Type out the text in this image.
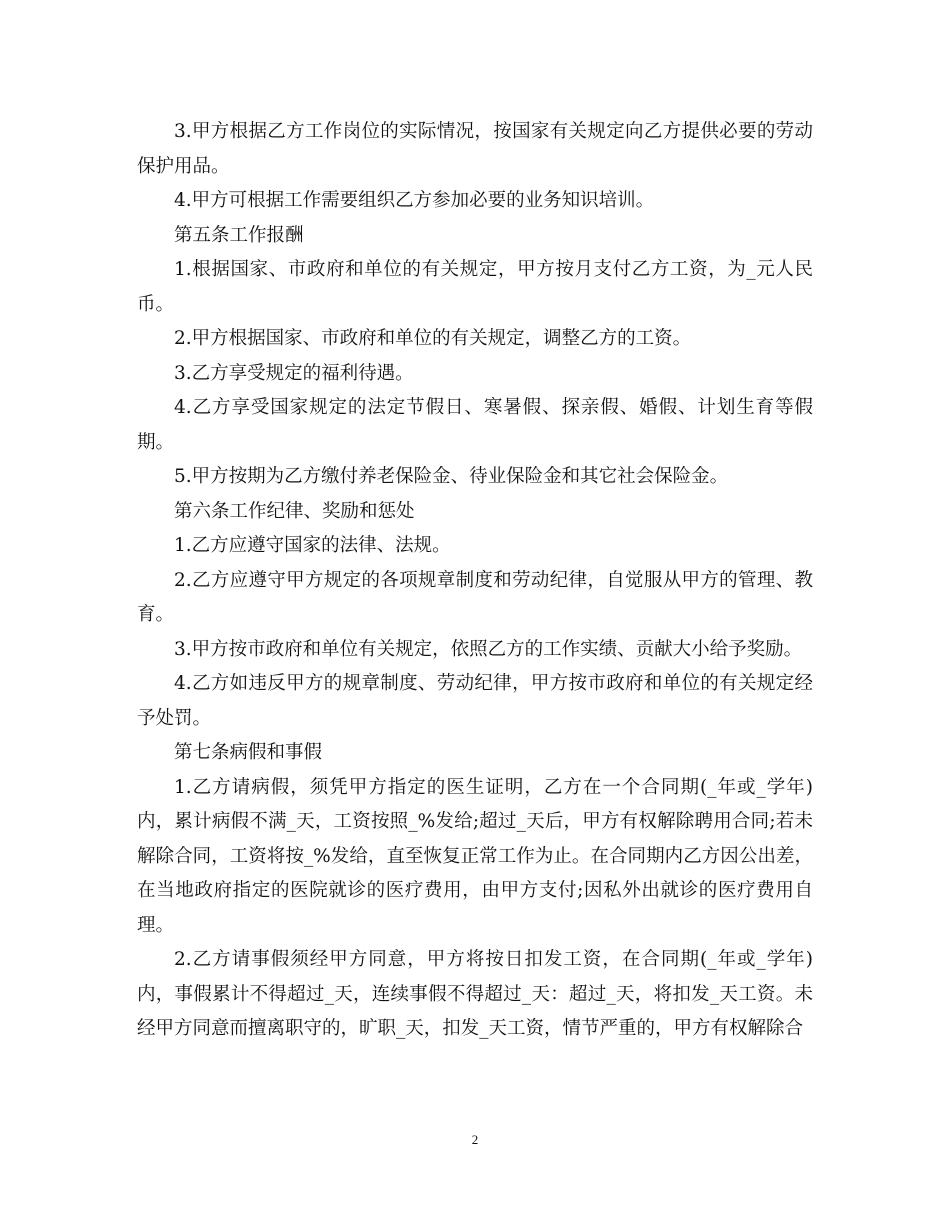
3.甲方根据乙方工作岗位的实际情况，按国家有关规定向乙方提供必要的劳动保护用品。

4.甲方可根据工作需要组织乙方参加必要的业务知识培训。

第五条工作报酬

1.根据国家、市政府和单位的有关规定，甲方按月支付乙方工资，为_元人民币。

2.甲方根据国家、市政府和单位的有关规定，调整乙方的工资。

3.乙方享受规定的福利待遇。

4.乙方享受国家规定的法定节假日、寒暑假、探亲假、婚假、计划生育等假期。

5.甲方按期为乙方缴付养老保险金、待业保险金和其它社会保险金。

第六条工作纪律、奖励和惩处

1.乙方应遵守国家的法律、法规。

2.乙方应遵守甲方规定的各项规章制度和劳动纪律，自觉服从甲方的管理、教育。

3.甲方按市政府和单位有关规定，依照乙方的工作实绩、贡献大小给予奖励。

4.乙方如违反甲方的规章制度、劳动纪律，甲方按市政府和单位的有关规定经予处罚。

第七条病假和事假

1.乙方请病假，须凭甲方指定的医生证明，乙方在一个合同期(_年或_学年)内，累计病假不满_天，工资按照_%发给;超过_天后，甲方有权解除聘用合同;若未解除合同，工资将按_%发给，直至恢复正常工作为止。在合同期内乙方因公出差，在当地政府指定的医院就诊的医疗费用，由甲方支付;因私外出就诊的医疗费用自理。

2.乙方请事假须经甲方同意，甲方将按日扣发工资，在合同期(_年或_学年)内，事假累计不得超过_天，连续事假不得超过_天：超过_天，将扣发_天工资。未经甲方同意而擅离职守的，旷职_天，扣发_天工资，情节严重的，甲方有权解除合

2
